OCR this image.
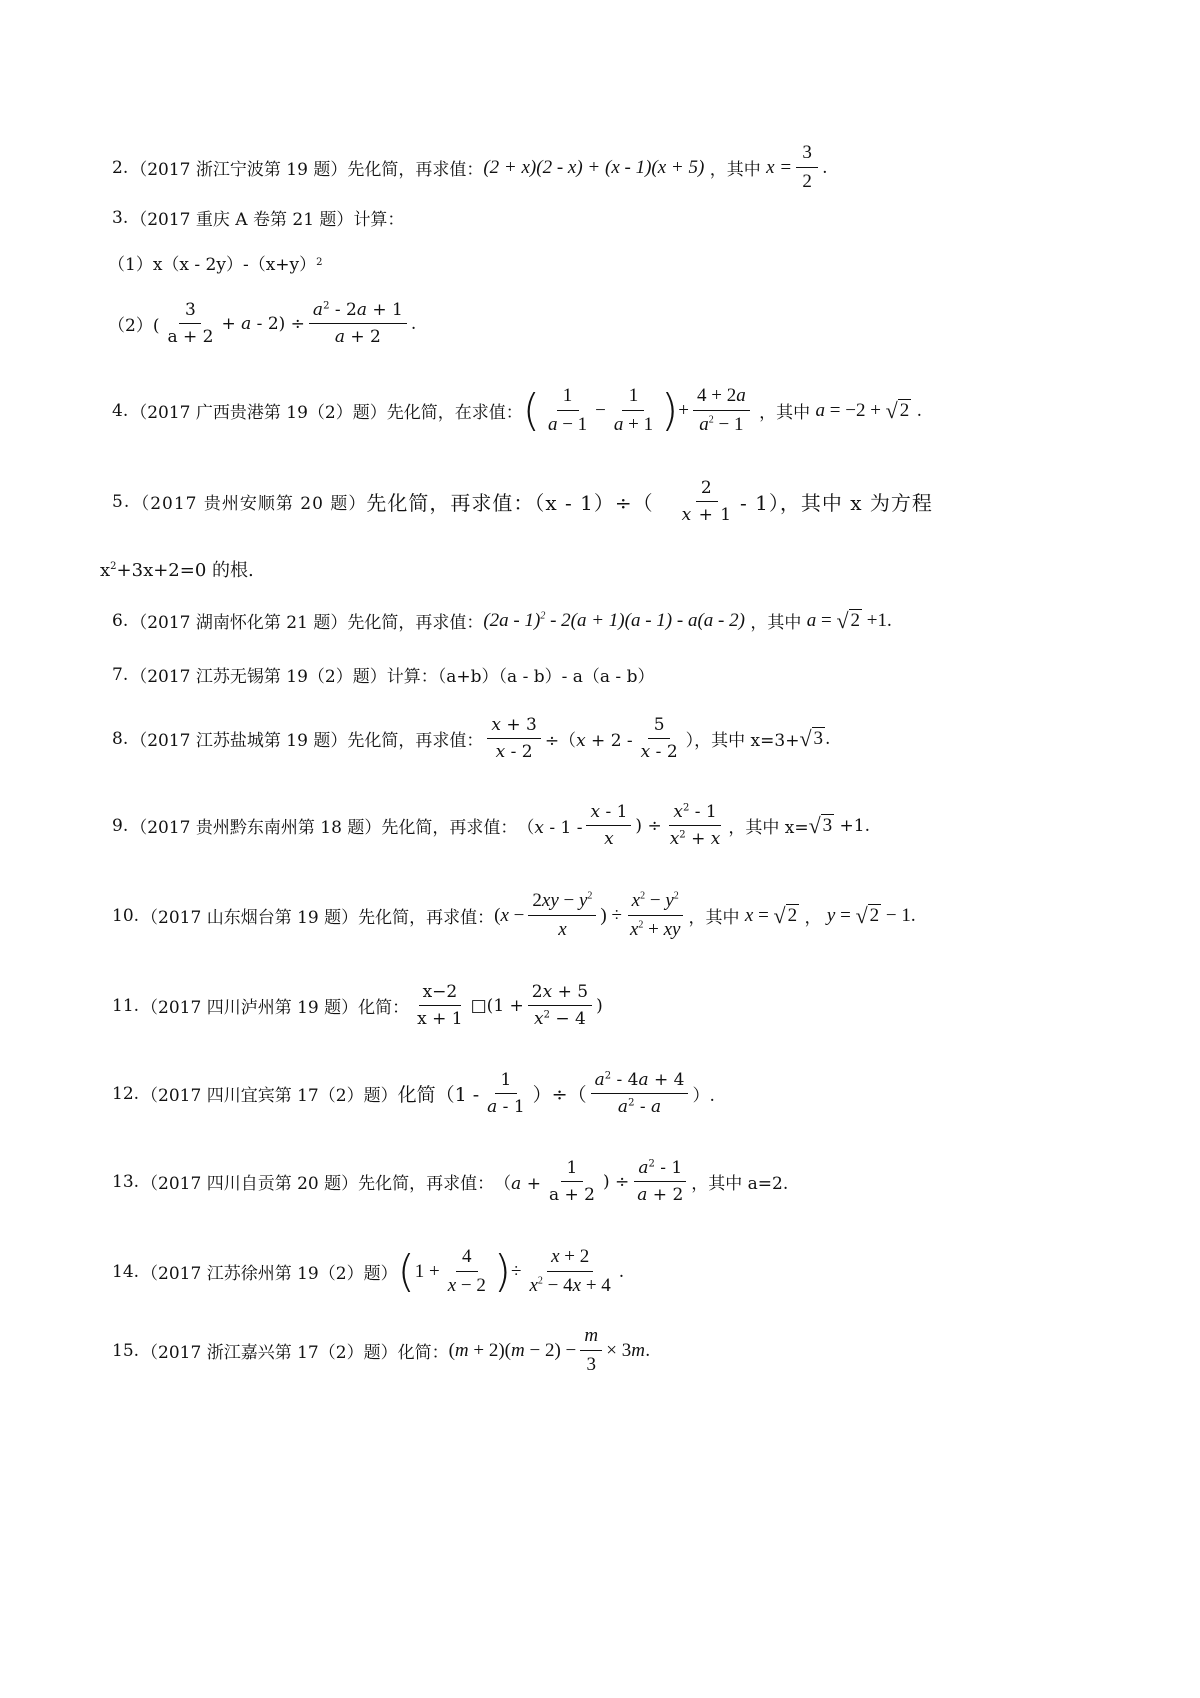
2. （2017 浙江宁波第 19 题） 先化简，再求值： (2 + x)(2 - x) + (x - 1)(x + 5) ，其中 $x = \frac{3}{2}$ .
3. （2017 重庆 A 卷第 21 题） 计算：
（1）x（x - 2y）-（x+y） 2
$(2)( \frac{3}{a + 2} + a - 2) \div \frac{a^2 - 2a + 1}{a + 2}$ .
4. （2017 广西贵港第 19（2）题） 先化简，在求值： ( $\frac{1}{a - 1} - \frac{1}{a + 1}$ ) + $\frac{4 + 2a}{a^2 - 1}$ ，其中 a = −2 + √ 2 .
5. （2017 贵州安顺第 20 题） 先化简，再求值：$(x - 1)\div( \frac{2}{x + 1} - 1)$，其中 x 为方程
$x^2+3x+2=0$ 的根.
6. （2017 湖南怀化第 21 题） 先化简，再求值： (2a - 1)$^2$ - 2(a + 1)(a - 1) - a(a - 2) ，其中 a = √ 2 +1.
7. （2017 江苏无锡第 19（2）题） 计算：（a+b）（a - b）- a（a - b）
8. （2017 江苏盐城第 19 题） 先化简，再求值： $\frac{x + 3}{x - 2} \div(x + 2 - \frac{5}{x - 2}$ ），其中 x=3+ √ 3 .
9. （2017 贵州黔东南州第 18 题） 先化简，再求值： （$x - 1 - \frac{x - 1}{x}$ ) ÷ $\frac{x^2 - 1}{x^2 + x}$ ，其中 x= √ 3 +1.
10. （2017 山东烟台第 19 题） 先化简，再求值： ($x - \frac{2xy - y^2}{x}$ ) ÷ $\frac{x^2 - y^2}{x^2 + xy}$ ，其中 x = √ 2 ， y = √ 2 − 1.
11. （2017 四川泸州第 19 题） 化简： $\frac{x-2}{x + 1}$ □(1 + $\frac{2x + 5}{x^2 - 4}$ )
12. （2017 四川宜宾第 17（2）题） 化简（$1 - \frac{1}{a - 1}$ ）÷（ $\frac{a^2 - 4a + 4}{a^2 - a}$ ）.
13. （2017 四川自贡第 20 题） 先化简，再求值： （$a + \frac{1}{a + 2}$ ) ÷ $\frac{a^2 - 1}{a + 2}$ ，其中 a=2.
14. （2017 江苏徐州第 19（2）题） ( $1 + \frac{4}{x - 2}$ ) ÷ $\frac{x + 2}{x^2 - 4x + 4}$ .
15. （2017 浙江嘉兴第 17（2）题） 化简： $(m + 2)(m - 2) - \frac{m}{3} \times 3m$ .
